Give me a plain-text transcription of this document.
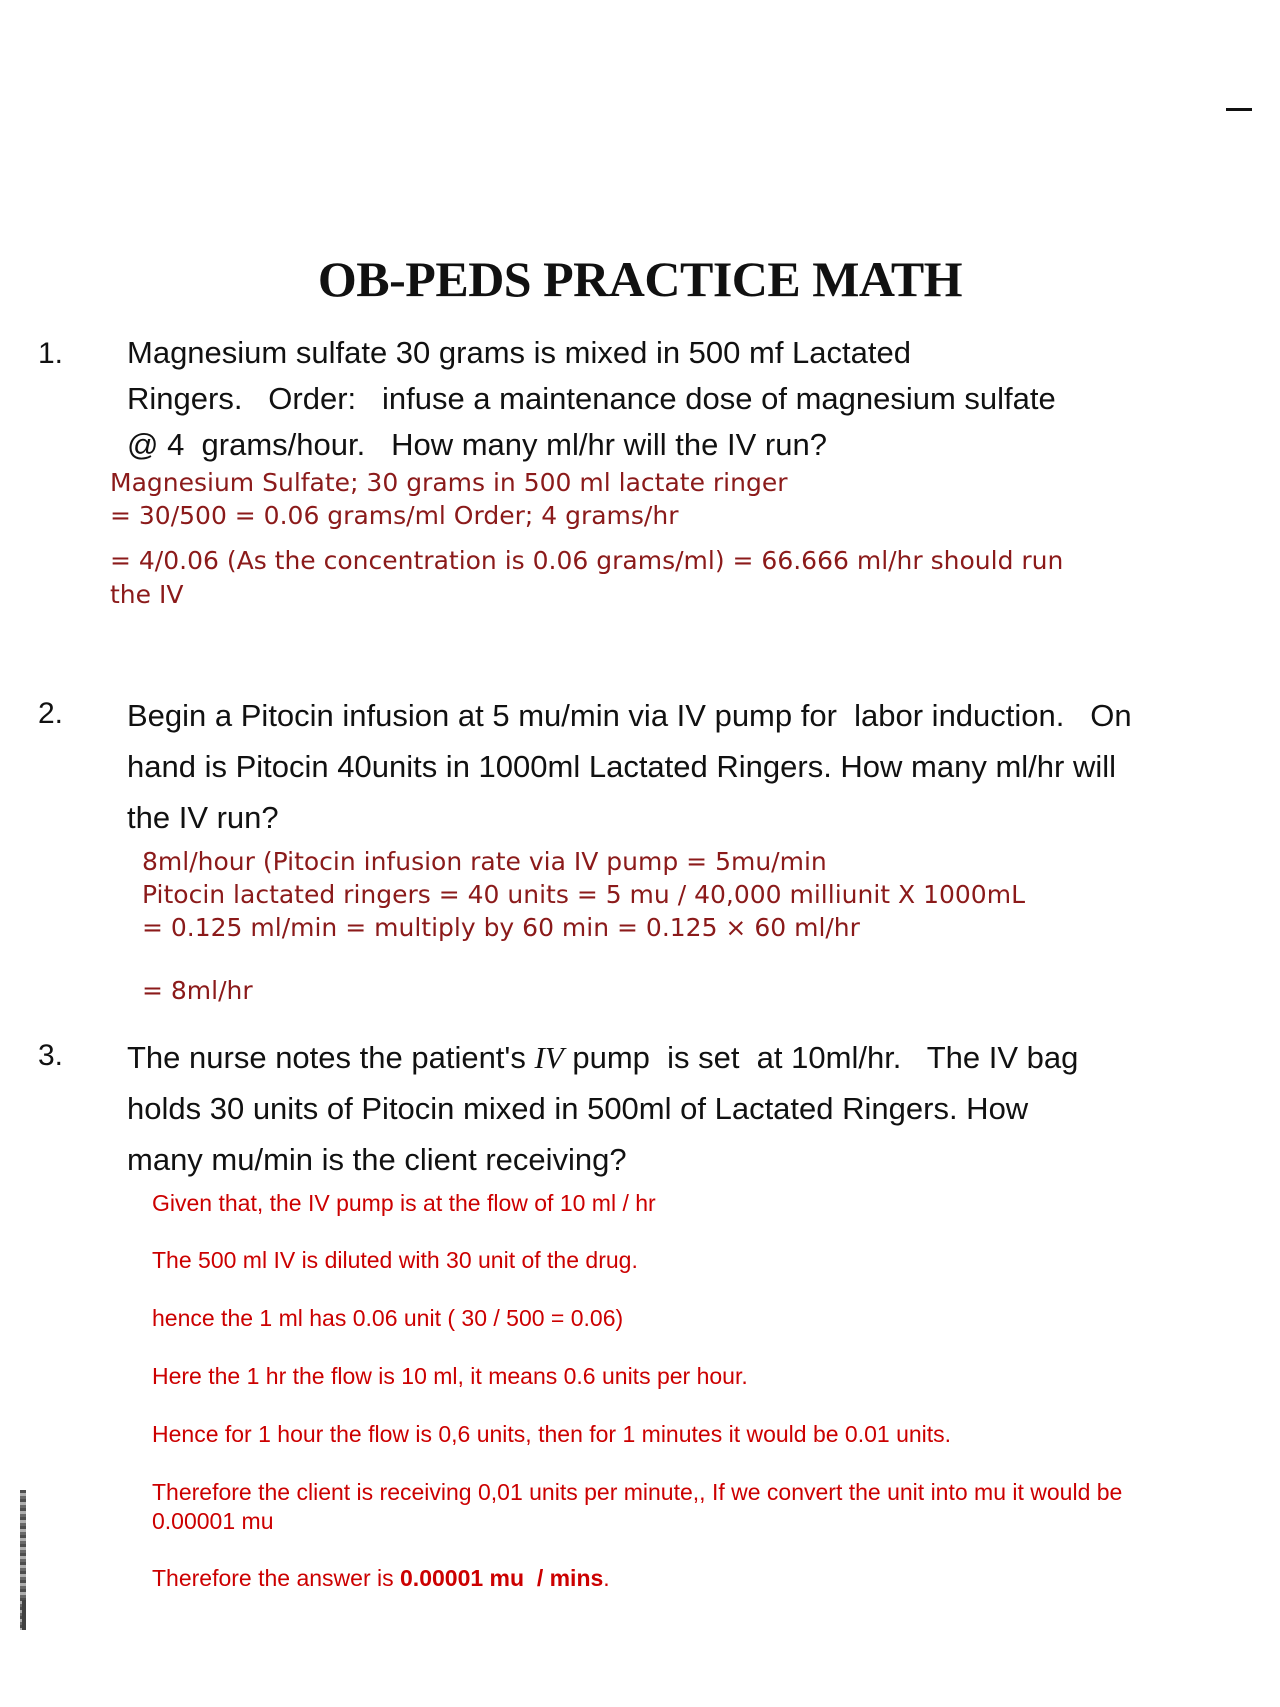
OB-PEDS PRACTICE MATH
1. Magnesium sulfate 30 grams is mixed in 500 mf Lactated
Ringers.   Order:   infuse a maintenance dose of magnesium sulfate
@ 4  grams/hour.   How many ml/hr will the IV run?
Magnesium Sulfate; 30 grams in 500 ml lactate ringer
= 30/500 = 0.06 grams/ml Order; 4 grams/hr
= 4/0.06 (As the concentration is 0.06 grams/ml) = 66.666 ml/hr should run
the IV
2. Begin a Pitocin infusion at 5 mu/min via IV pump for  labor induction.   On
hand is Pitocin 40units in 1000ml Lactated Ringers. How many ml/hr will
the IV run?
8ml/hour (Pitocin infusion rate via IV pump = 5mu/min
Pitocin lactated ringers = 40 units = 5 mu / 40,000 milliunit X 1000mL
= 0.125 ml/min = multiply by 60 min = 0.125 × 60 ml/hr
= 8ml/hr
3. The nurse notes the patient's IV pump  is set  at 10ml/hr.   The IV bag
holds 30 units of Pitocin mixed in 500ml of Lactated Ringers. How
many mu/min is the client receiving?
Given that, the IV pump is at the flow of 10 ml / hr
The 500 ml IV is diluted with 30 unit of the drug.
hence the 1 ml has 0.06 unit ( 30 / 500 = 0.06)
Here the 1 hr the flow is 10 ml, it means 0.6 units per hour.
Hence for 1 hour the flow is 0,6 units, then for 1 minutes it would be 0.01 units.
Therefore the client is receiving 0,01 units per minute,, If we convert the unit into mu it would be
0.00001 mu
Therefore the answer is 0.00001 mu  / mins.
